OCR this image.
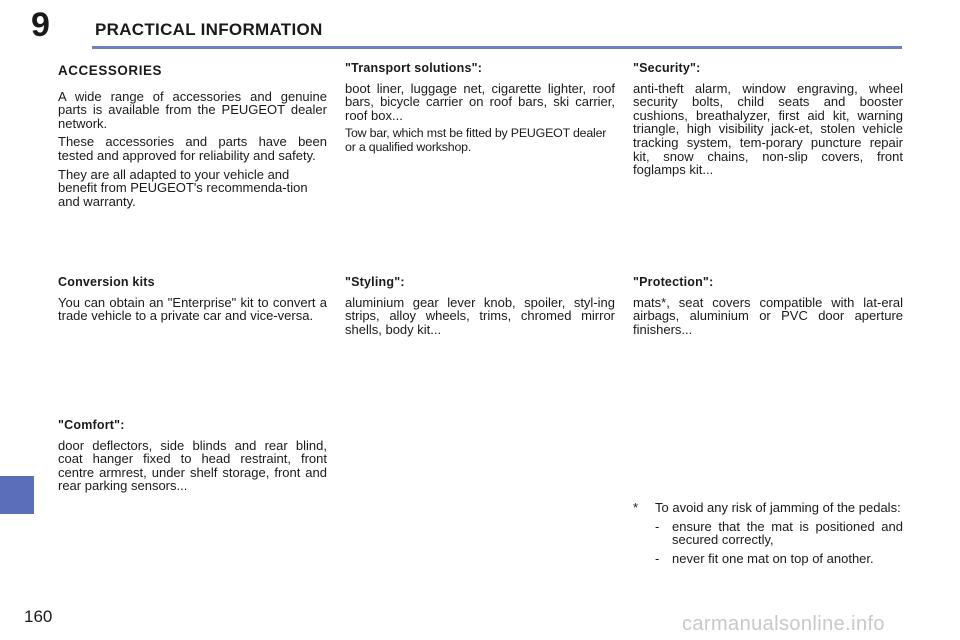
9	PRACTICAL INFORMATION
ACCESSORIES

A wide range of accessories and genuine parts is available from the PEUGEOT dealer network.

These accessories and parts have been tested and approved for reliability and safety.

They are all adapted to your vehicle and benefit from PEUGEOT's recommenda-tion and warranty.

Conversion kits

You can obtain an "Enterprise" kit to convert a trade vehicle to a private car and vice-versa.

"Comfort":

door deflectors, side blinds and rear blind, coat hanger fixed to head restraint, front centre armrest, under shelf storage, front and rear parking sensors...

"Transport solutions":

boot liner, luggage net, cigarette lighter, roof bars, bicycle carrier on roof bars, ski carrier, roof box...

Tow bar, which mst be fitted by PEUGEOT dealer or a qualified workshop.

"Styling":

aluminium gear lever knob, spoiler, styl-ing strips, alloy wheels, trims, chromed mirror shells, body kit...

"Security":

anti-theft alarm, window engraving, wheel security bolts, child seats and booster cushions, breathalyzer, first aid kit, warning triangle, high visibility jack-et, stolen vehicle tracking system, tem-porary puncture repair kit, snow chains, non-slip covers, front foglamps kit...

"Protection":

mats*, seat covers compatible with lat-eral airbags, aluminium or PVC door aperture finishers...

*	To avoid any risk of jamming of the pedals:
- ensure that the mat is positioned and secured correctly,
- never fit one mat on top of another.
160	carmanualsonline.info
